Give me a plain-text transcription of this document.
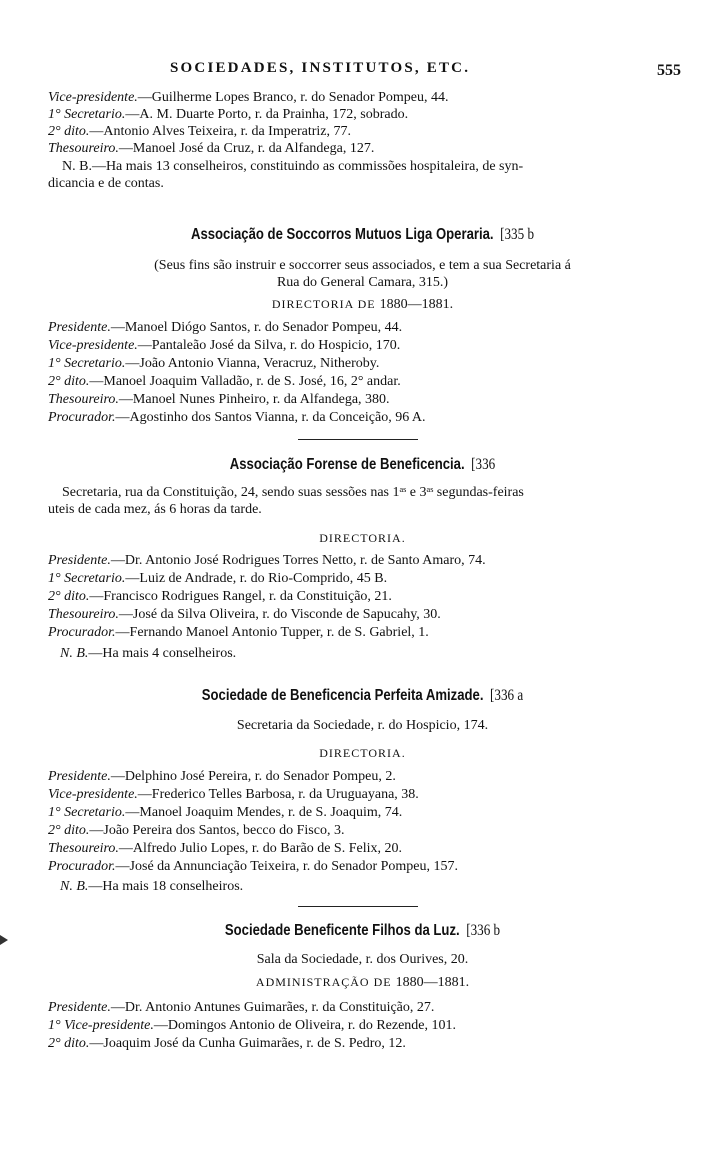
SOCIEDADES, INSTITUTOS, ETC.	555
Vice-presidente.—Guilherme Lopes Branco, r. do Senador Pompeu, 44.
1° Secretario.—A. M. Duarte Porto, r. da Prainha, 172, sobrado.
2° dito.—Antonio Alves Teixeira, r. da Imperatriz, 77.
Thesoureiro.—Manoel José da Cruz, r. da Alfandega, 127.
N. B.—Ha mais 13 conselheiros, constituindo as commissões hospitaleira, de syn-
dicancia e de contas.
Associação de Soccorros Mutuos Liga Operaria. [335 b
(Seus fins são instruir e soccorrer seus associados, e tem a sua Secretaria á
Rua do General Camara, 315.)
DIRECTORIA DE 1880—1881.
Presidente.—Manoel Diógo Santos, r. do Senador Pompeu, 44.
Vice-presidente.—Pantaleão José da Silva, r. do Hospicio, 170.
1° Secretario.—João Antonio Vianna, Veracruz, Nitheroby.
2° dito.—Manoel Joaquim Valladão, r. de S. José, 16, 2° andar.
Thesoureiro.—Manoel Nunes Pinheiro, r. da Alfandega, 380.
Procurador.—Agostinho dos Santos Vianna, r. da Conceição, 96 A.
Associação Forense de Beneficencia. [336
Secretaria, rua da Constituição, 24, sendo suas sessões nas 1ᵃˢ e 3ᵃˢ segundas-feiras
uteis de cada mez, ás 6 horas da tarde.
DIRECTORIA.
Presidente.—Dr. Antonio José Rodrigues Torres Netto, r. de Santo Amaro, 74.
1° Secretario.—Luiz de Andrade, r. do Rio-Comprido, 45 B.
2° dito.—Francisco Rodrigues Rangel, r. da Constituição, 21.
Thesoureiro.—José da Silva Oliveira, r. do Visconde de Sapucahy, 30.
Procurador.—Fernando Manoel Antonio Tupper, r. de S. Gabriel, 1.
N. B.—Ha mais 4 conselheiros.
Sociedade de Beneficencia Perfeita Amizade. [336 a
Secretaria da Sociedade, r. do Hospicio, 174.
DIRECTORIA.
Presidente.—Delphino José Pereira, r. do Senador Pompeu, 2.
Vice-presidente.—Frederico Telles Barbosa, r. da Uruguayana, 38.
1° Secretario.—Manoel Joaquim Mendes, r. de S. Joaquim, 74.
2° dito.—João Pereira dos Santos, becco do Fisco, 3.
Thesoureiro.—Alfredo Julio Lopes, r. do Barão de S. Felix, 20.
Procurador.—José da Annunciação Teixeira, r. do Senador Pompeu, 157.
N. B.—Ha mais 18 conselheiros.
Sociedade Beneficente Filhos da Luz. [336 b
Sala da Sociedade, r. dos Ourives, 20.
ADMINISTRAÇÃO DE 1880—1881.
Presidente.—Dr. Antonio Antunes Guimarães, r. da Constituição, 27.
1° Vice-presidente.—Domingos Antonio de Oliveira, r. do Rezende, 101.
2° dito.—Joaquim José da Cunha Guimarães, r. de S. Pedro, 12.
